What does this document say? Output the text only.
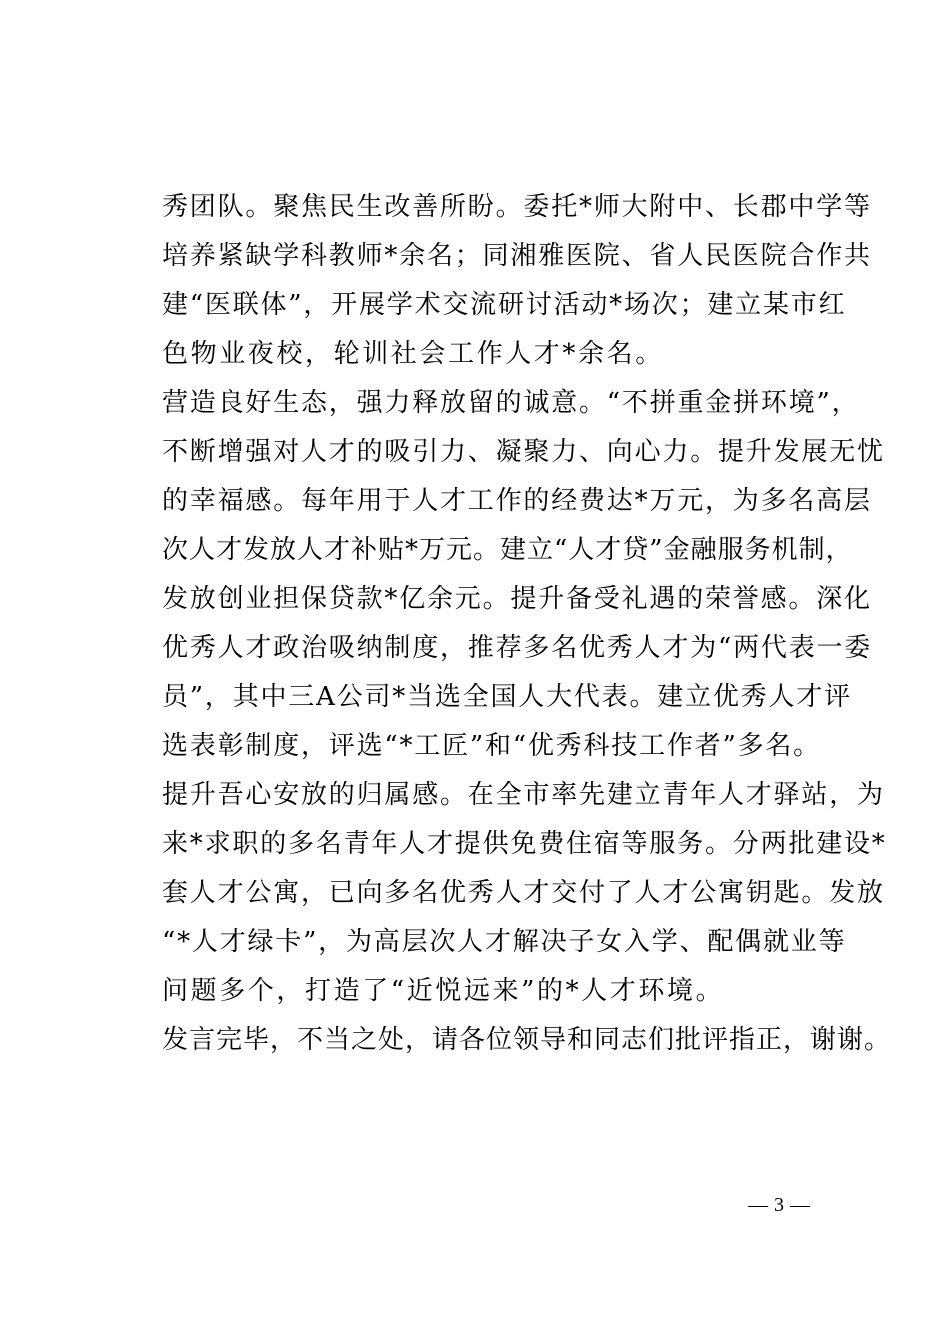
秀团队。聚焦民生改善所盼。委托*师大附中、长郡中学等
培养紧缺学科教师*余名；同湘雅医院、省人民医院合作共
建“医联体”，开展学术交流研讨活动*场次；建立某市红
色物业夜校，轮训社会工作人才*余名。
营造良好生态，强力释放留的诚意。“不拼重金拼环境”，
不断增强对人才的吸引力、凝聚力、向心力。提升发展无忧
的幸福感。每年用于人才工作的经费达*万元，为多名高层
次人才发放人才补贴*万元。建立“人才贷”金融服务机制，
发放创业担保贷款*亿余元。提升备受礼遇的荣誉感。深化
优秀人才政治吸纳制度，推荐多名优秀人才为“两代表一委
员”，其中三A公司*当选全国人大代表。建立优秀人才评
选表彰制度，评选“*工匠”和“优秀科技工作者”多名。
提升吾心安放的归属感。在全市率先建立青年人才驿站，为
来*求职的多名青年人才提供免费住宿等服务。分两批建设*
套人才公寓，已向多名优秀人才交付了人才公寓钥匙。发放
“*人才绿卡”，为高层次人才解决子女入学、配偶就业等
问题多个，打造了“近悦远来”的*人才环境。
发言完毕，不当之处，请各位领导和同志们批评指正，谢谢。
— 3 —
